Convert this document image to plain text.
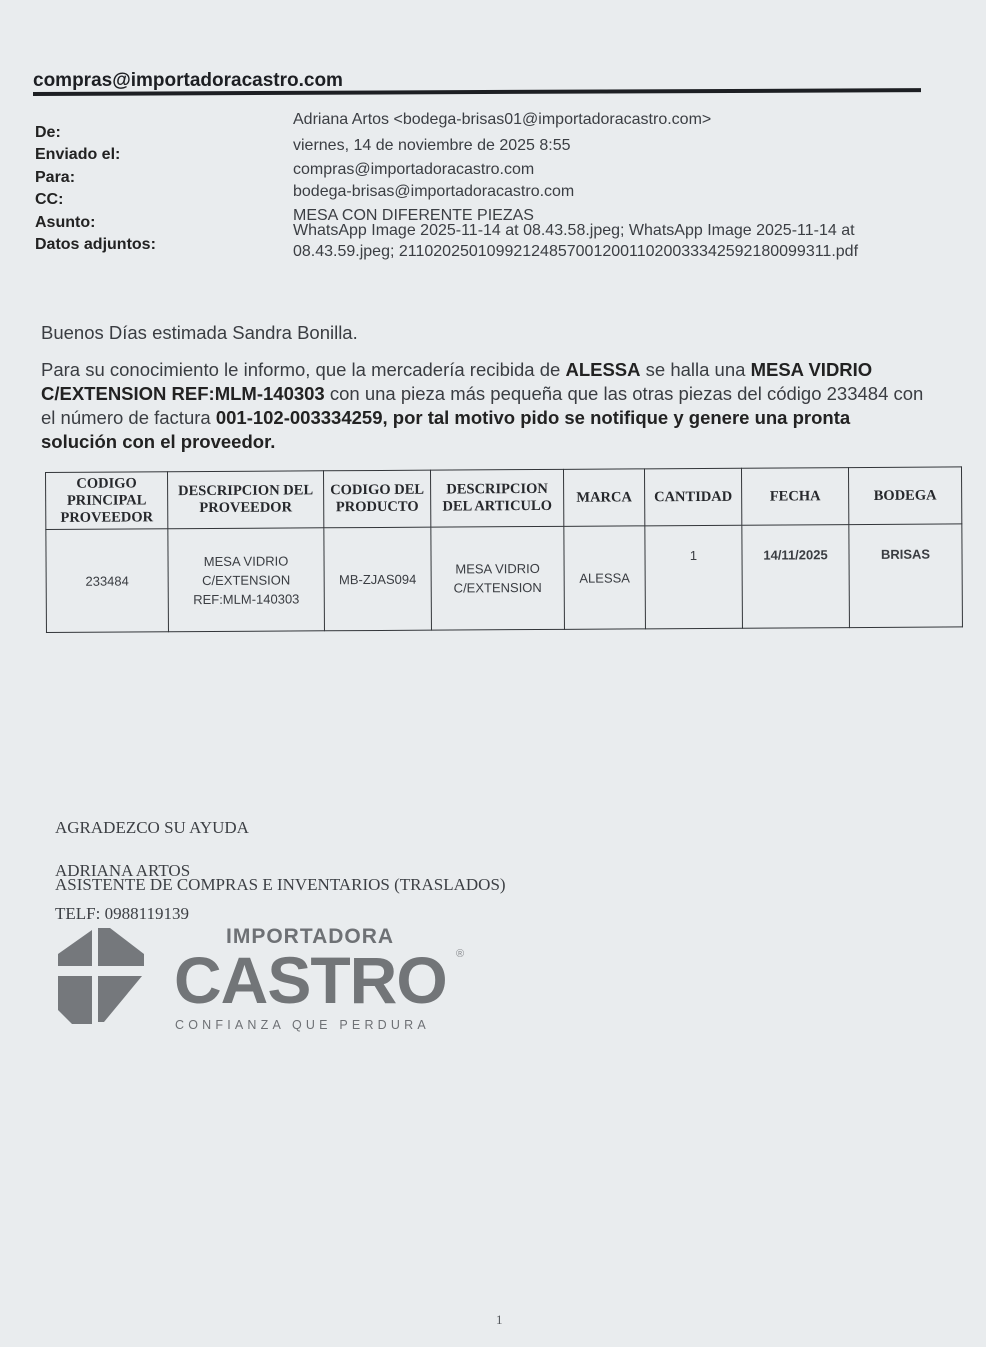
compras@importadoracastro.com
De:
Adriana Artos <bodega-brisas01@importadoracastro.com>
Enviado el:
viernes, 14 de noviembre de 2025 8:55
Para:	compras@importadoracastro.com
CC:	bodega-brisas@importadoracastro.com
Asunto:	MESA CON DIFERENTE PIEZAS
Datos adjuntos:
WhatsApp Image 2025-11-14 at 08.43.58.jpeg; WhatsApp Image 2025-11-14 at
08.43.59.jpeg; 2110202501099212485700120011020033342592180099311.pdf
Buenos Días estimada Sandra Bonilla.
Para su conocimiento le informo, que la mercadería recibida de ALESSA se halla una MESA VIDRIO C/EXTENSION REF:MLM-140303 con una pieza más pequeña que las otras piezas del código 233484 con el número de factura 001-102-003334259, por tal motivo pido se notifique y genere una pronta solución con el proveedor.
CODIGO PRINCIPAL PROVEEDOR	DESCRIPCION DEL PROVEEDOR	CODIGO DEL PRODUCTO	DESCRIPCION DEL ARTICULO	MARCA	CANTIDAD	FECHA	BODEGA
233484	MESA VIDRIO C/EXTENSION REF:MLM-140303	MB-ZJAS094	MESA VIDRIO C/EXTENSION	ALESSA	1	14/11/2025	BRISAS
AGRADEZCO SU AYUDA
ADRIANA ARTOS
ASISTENTE DE COMPRAS E INVENTARIOS (TRASLADOS)
TELF: 0988119139
IMPORTADORA
CASTRO ®
CONFIANZA QUE PERDURA
1
